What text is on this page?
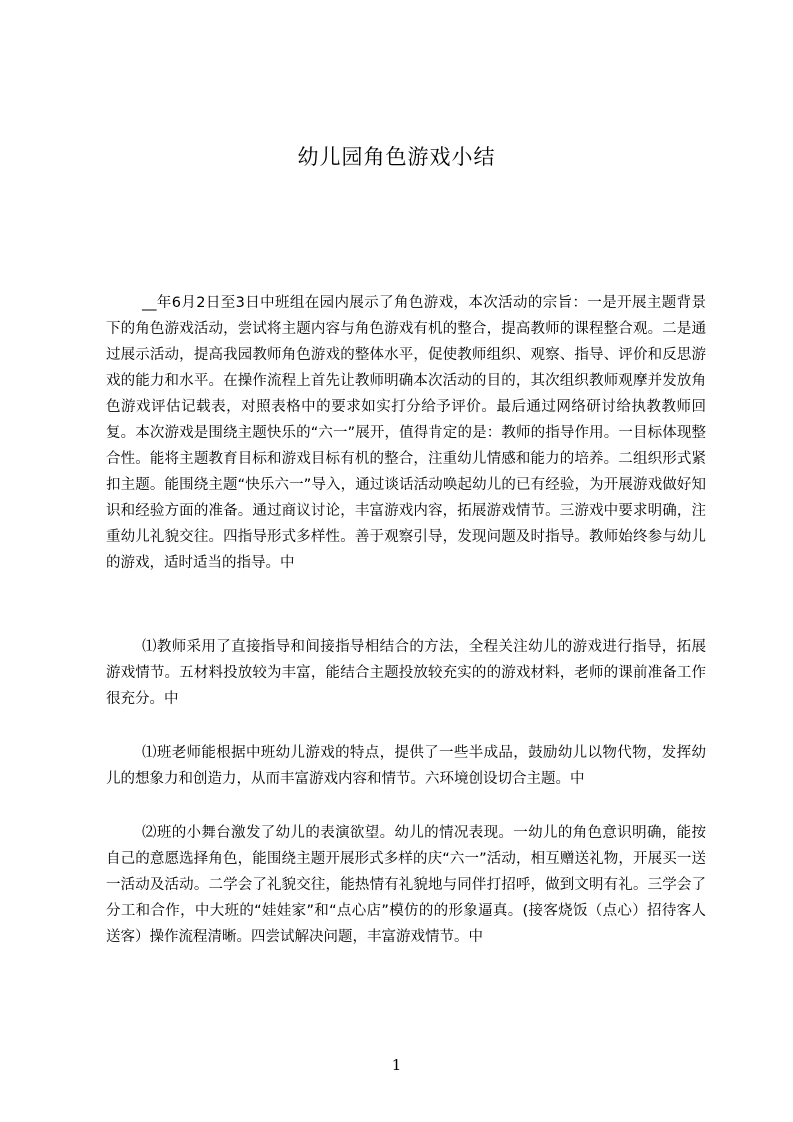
幼儿园角色游戏小结

__年6月2日至3日中班组在园内展示了角色游戏，本次活动的宗旨：一是开展主题背景下的角色游戏活动，尝试将主题内容与角色游戏有机的整合，提高教师的课程整合观。二是通过展示活动，提高我园教师角色游戏的整体水平，促使教师组织、观察、指导、评价和反思游戏的能力和水平。在操作流程上首先让教师明确本次活动的目的，其次组织教师观摩并发放角色游戏评估记载表，对照表格中的要求如实打分给予评价。最后通过网络研讨给执教教师回复。本次游戏是围绕主题快乐的“六一”展开，值得肯定的是：教师的指导作用。一目标体现整合性。能将主题教育目标和游戏目标有机的整合，注重幼儿情感和能力的培养。二组织形式紧扣主题。能围绕主题“快乐六一”导入，通过谈话活动唤起幼儿的已有经验，为开展游戏做好知识和经验方面的准备。通过商议讨论，丰富游戏内容，拓展游戏情节。三游戏中要求明确，注重幼儿礼貌交往。四指导形式多样性。善于观察引导，发现问题及时指导。教师始终参与幼儿的游戏，适时适当的指导。中

⑴教师采用了直接指导和间接指导相结合的方法，全程关注幼儿的游戏进行指导，拓展游戏情节。五材料投放较为丰富，能结合主题投放较充实的的游戏材料，老师的课前准备工作很充分。中

⑴班老师能根据中班幼儿游戏的特点，提供了一些半成品，鼓励幼儿以物代物，发挥幼儿的想象力和创造力，从而丰富游戏内容和情节。六环境创设切合主题。中

⑵班的小舞台激发了幼儿的表演欲望。幼儿的情况表现。一幼儿的角色意识明确，能按自己的意愿选择角色，能围绕主题开展形式多样的庆“六一”活动，相互赠送礼物，开展买一送一活动及活动。二学会了礼貌交往，能热情有礼貌地与同伴打招呼，做到文明有礼。三学会了分工和合作，中大班的“娃娃家”和“点心店”模仿的的形象逼真。(接客烧饭（点心）招待客人送客）操作流程清晰。四尝试解决问题，丰富游戏情节。中

1
